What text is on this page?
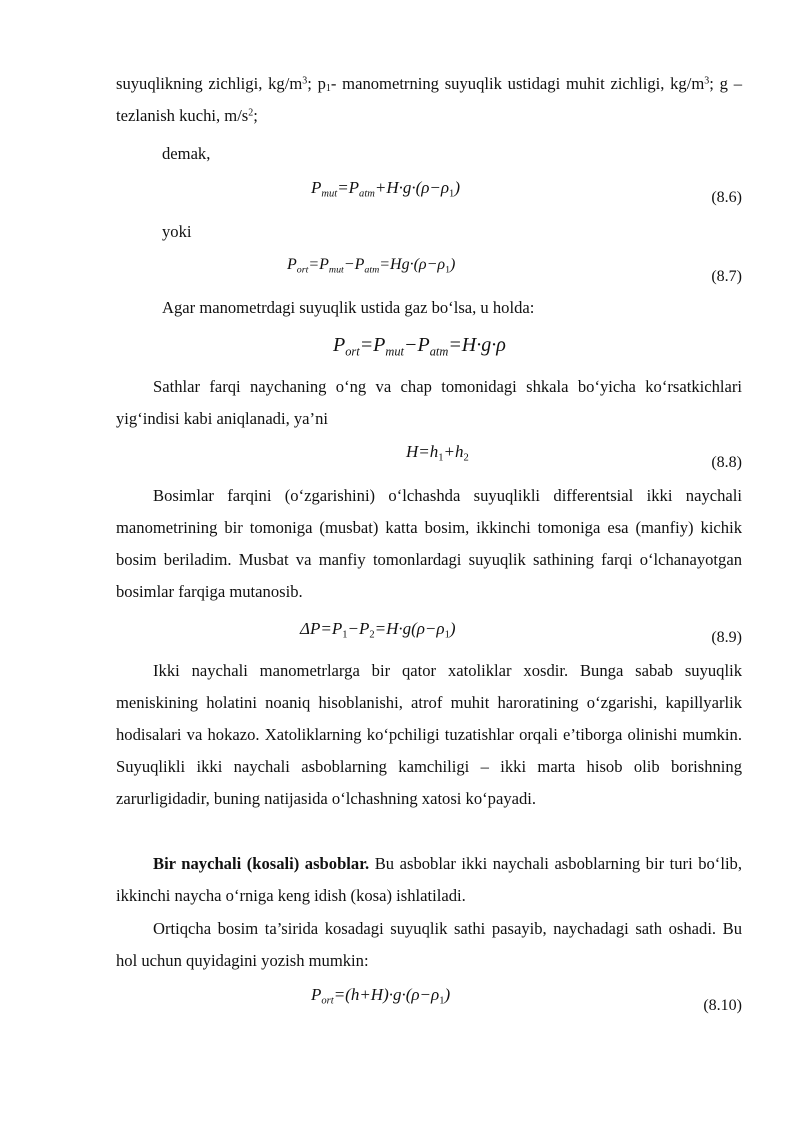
suyuqlikning zichligi, $kg/m^3$; $p_1-$ manometrning suyuqlik ustidagi muhit zichligi, $kg/m^3$; g – tezlanish kuchi, $m/s^2$;
demak,
$P_{mut}=P_{atm}+H\cdot g\cdot(\rho-\rho_1)$
(8.6)
yoki
$P_{ort}=P_{mut}-P_{atm}=Hg\cdot(\rho-\rho_1)$
(8.7)
Agar manometrdagi suyuqlik ustida gaz bo‘lsa, u holda:
$P_{ort}=P_{mut}-P_{atm}=H\cdot g\cdot\rho$
Sathlar farqi naychaning o‘ng va chap tomonidagi shkala bo‘yicha ko‘rsatkichlari yig‘indisi kabi aniqlanadi, ya’ni
$H=h_1+h_2$	(8.8)
Bosimlar farqini (o‘zgarishini) o‘lchashda suyuqlikli differentsial ikki naychali manometrining bir tomoniga (musbat) katta bosim, ikkinchi tomoniga esa (manfiy) kichik bosim beriladim. Musbat va manfiy tomonlardagi suyuqlik sathining farqi o‘lchanayotgan bosimlar farqiga mutanosib.
$\Delta P=P_1-P_2=H\cdot g(\rho-\rho_1)$	(8.9)
Ikki naychali manometrlarga bir qator xatoliklar xosdir. Bunga sabab suyuqlik meniskining holatini noaniq hisoblanishi, atrof muhit haroratining o‘zgarishi, kapillyarlik hodisalari va hokazo. Xatoliklarning ko‘pchiligi tuzatishlar orqali e’tiborga olinishi mumkin. Suyuqlikli ikki naychali asboblarning kamchiligi – ikki marta hisob olib borishning zarurligidadir, buning natijasida o‘lchashning xatosi ko‘payadi.
Bir naychali (kosali) asboblar. Bu asboblar ikki naychali asboblarning bir turi bo‘lib, ikkinchi naycha o‘rniga keng idish (kosa) ishlatiladi.
Ortiqcha bosim ta’sirida kosadagi suyuqlik sathi pasayib, naychadagi sath oshadi. Bu hol uchun quyidagini yozish mumkin:
$P_{ort}=(h+H)\cdot g\cdot(\rho-\rho_1)$
(8.10)
